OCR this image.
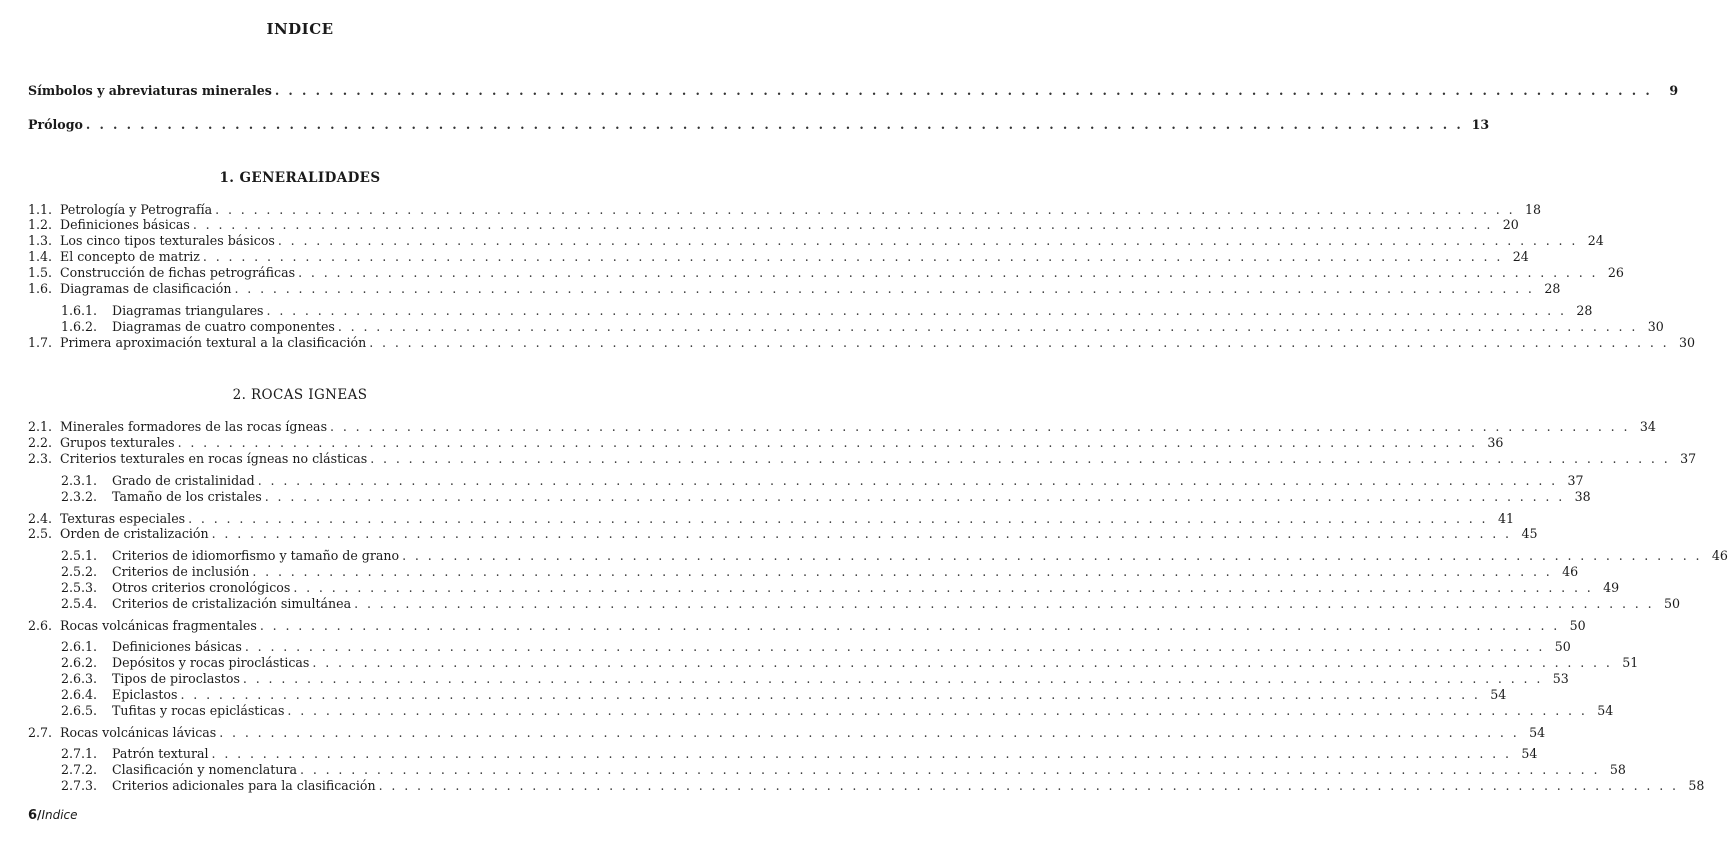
INDICE
Símbolos y abreviaturas minerales . . .	9
Prólogo . . .	13
1. GENERALIDADES
1.1. Petrología y Petrografía . . .	18
1.2. Definiciones básicas . . .	20
1.3. Los cinco tipos texturales básicos . . .	24
1.4. El concepto de matriz . . .	24
1.5. Construcción de fichas petrográficas . . .	26
1.6. Diagramas de clasificación . . .	28
1.6.1.	Diagramas triangulares . . .	28
1.6.2.	Diagramas de cuatro componentes . . .	30
1.7. Primera aproximación textural a la clasificación . . .	30
2. ROCAS IGNEAS
2.1. Minerales formadores de las rocas ígneas . . .	34
2.2. Grupos texturales . . .	36
2.3. Criterios texturales en rocas ígneas no clásticas . . .	37
2.3.1.	Grado de cristalinidad . . .	37
2.3.2.	Tamaño de los cristales . . .	38
2.4. Texturas especiales . . .	41
2.5. Orden de cristalización . . .	45
2.5.1.	Criterios de idiomorfismo y tamaño de grano . . .	46
2.5.2.	Criterios de inclusión . . .	46
2.5.3.	Otros criterios cronológicos . . .	49
2.5.4.	Criterios de cristalización simultánea . . .	50
2.6. Rocas volcánicas fragmentales . . .	50
2.6.1.	Definiciones básicas . . .	50
2.6.2.	Depósitos y rocas piroclásticas . . .	51
2.6.3.	Tipos de piroclastos . . .	53
2.6.4.	Epiclastos . . .	54
2.6.5.	Tufitas y rocas epiclásticas . . .	54
2.7. Rocas volcánicas lávicas . . .	54
2.7.1.	Patrón textural . . .	54
2.7.2.	Clasificación y nomenclatura . . .	58
2.7.3.	Criterios adicionales para la clasificación . . .	58
6/Indice
